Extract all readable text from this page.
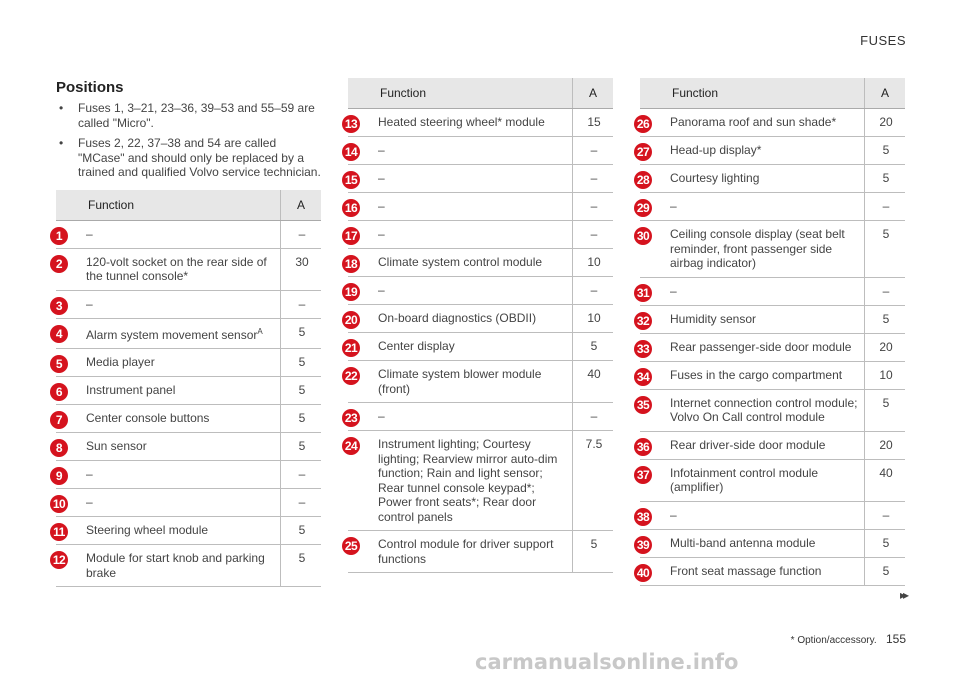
FUSES
Positions
• Fuses 1, 3–21, 23–36, 39–53 and 55–59 are called "Micro".
• Fuses 2, 22, 37–38 and 54 are called "MCase" and should only be replaced by a trained and qualified Volvo service technician.
	Function	A

1	–	–

2	120-volt socket on the rear side of the tunnel console*	30

3	–	–

4	Alarm system movement sensor$^A$	5

5	Media player	5

6	Instrument panel	5

7	Center console buttons	5

8	Sun sensor	5

9	–	–

10	–	–

11	Steering wheel module	5

12	Module for start knob and parking brake	5
	Function	A

13	Heated steering wheel* module	15

14	–	–

15	–	–

16	–	–

17	–	–

18	Climate system control module	10

19	–	–

20	On-board diagnostics (OBDII)	10

21	Center display	5

22	Climate system blower module (front)	40

23	–	–

24	Instrument lighting; Courtesy lighting; Rearview mirror auto-dim function; Rain and light sensor; Rear tunnel console keypad*; Power front seats*; Rear door control panels	7.5

25	Control module for driver support functions	5
	Function	A

26	Panorama roof and sun shade*	20

27	Head-up display*	5

28	Courtesy lighting	5

29	–	–

30	Ceiling console display (seat belt reminder, front passenger side airbag indicator)	5

31	–	–

32	Humidity sensor	5

33	Rear passenger-side door module	20

34	Fuses in the cargo compartment	10

35	Internet connection control module; Volvo On Call control module	5

36	Rear driver-side door module	20

37	Infotainment control module (amplifier)	40

38	–	–

39	Multi-band antenna module	5

40	Front seat massage function	5
▸▸
* Option/accessory. 155
carmanualsonline.info
